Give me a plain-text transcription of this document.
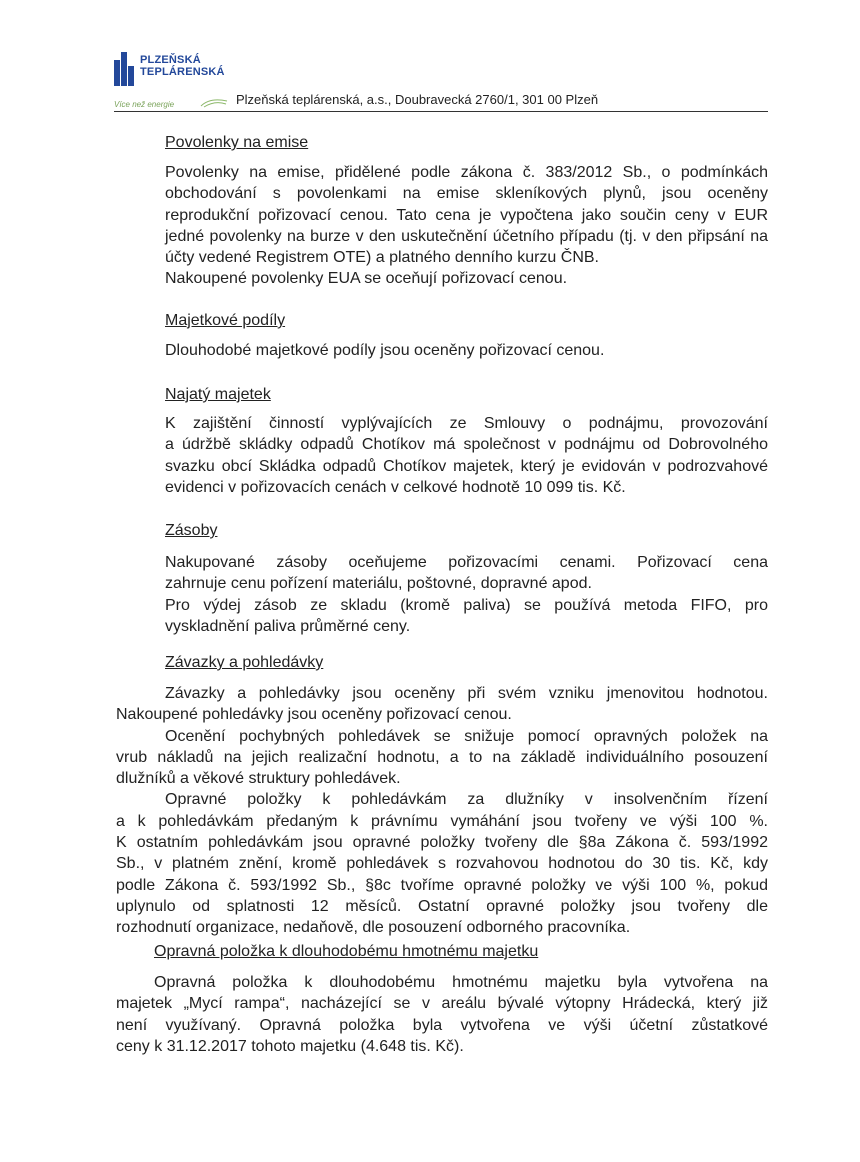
PLZEŇSKÁ
TEPLÁRENSKÁ
Více než energie	Plzeňská teplárenská, a.s., Doubravecká 2760/1, 301 00 Plzeň
Povolenky na emise
Povolenky na emise, přidělené podle zákona č. 383/2012 Sb., o podmínkách
obchodování s povolenkami na emise skleníkových plynů, jsou oceněny
reprodukční pořizovací cenou. Tato cena je vypočtena jako součin ceny v EUR
jedné povolenky na burze v den uskutečnění účetního případu (tj. v den připsání na
účty vedené Registrem OTE) a platného denního kurzu ČNB.
Nakoupené povolenky EUA se oceňují pořizovací cenou.
Majetkové podíly
Dlouhodobé majetkové podíly jsou oceněny pořizovací cenou.
Najatý majetek
K zajištění činností vyplývajících ze Smlouvy o podnájmu, provozování
a údržbě skládky odpadů Chotíkov má společnost v podnájmu od Dobrovolného
svazku obcí Skládka odpadů Chotíkov majetek, který je evidován v podrozvahové
evidenci v pořizovacích cenách v celkové hodnotě 10 099 tis. Kč.
Zásoby
Nakupované zásoby oceňujeme pořizovacími cenami. Pořizovací cena
zahrnuje cenu pořízení materiálu, poštovné, dopravné apod.
Pro výdej zásob ze skladu (kromě paliva) se používá metoda FIFO, pro
vyskladnění paliva průměrné ceny.
Závazky a pohledávky
Závazky a pohledávky jsou oceněny při svém vzniku jmenovitou hodnotou.
Nakoupené pohledávky jsou oceněny pořizovací cenou.
Ocenění pochybných pohledávek se snižuje pomocí opravných položek na
vrub nákladů na jejich realizační hodnotu, a to na základě individuálního posouzení
dlužníků a věkové struktury pohledávek.
Opravné položky k pohledávkám za dlužníky v insolvenčním řízení
a k pohledávkám předaným k právnímu vymáhání jsou tvořeny ve výši 100 %.
K ostatním pohledávkám jsou opravné položky tvořeny dle §8a Zákona č. 593/1992
Sb., v platném znění, kromě pohledávek s rozvahovou hodnotou do 30 tis. Kč, kdy
podle Zákona č. 593/1992 Sb., §8c tvoříme opravné položky ve výši 100 %, pokud
uplynulo od splatnosti 12 měsíců. Ostatní opravné položky jsou tvořeny dle
rozhodnutí organizace, nedaňově, dle posouzení odborného pracovníka.
Opravná položka k dlouhodobému hmotnému majetku
Opravná položka k dlouhodobému hmotnému majetku byla vytvořena na
majetek „Mycí rampa“, nacházející se v areálu bývalé výtopny Hrádecká, který již
není využívaný. Opravná položka byla vytvořena ve výši účetní zůstatkové
ceny k 31.12.2017 tohoto majetku (4.648 tis. Kč).
